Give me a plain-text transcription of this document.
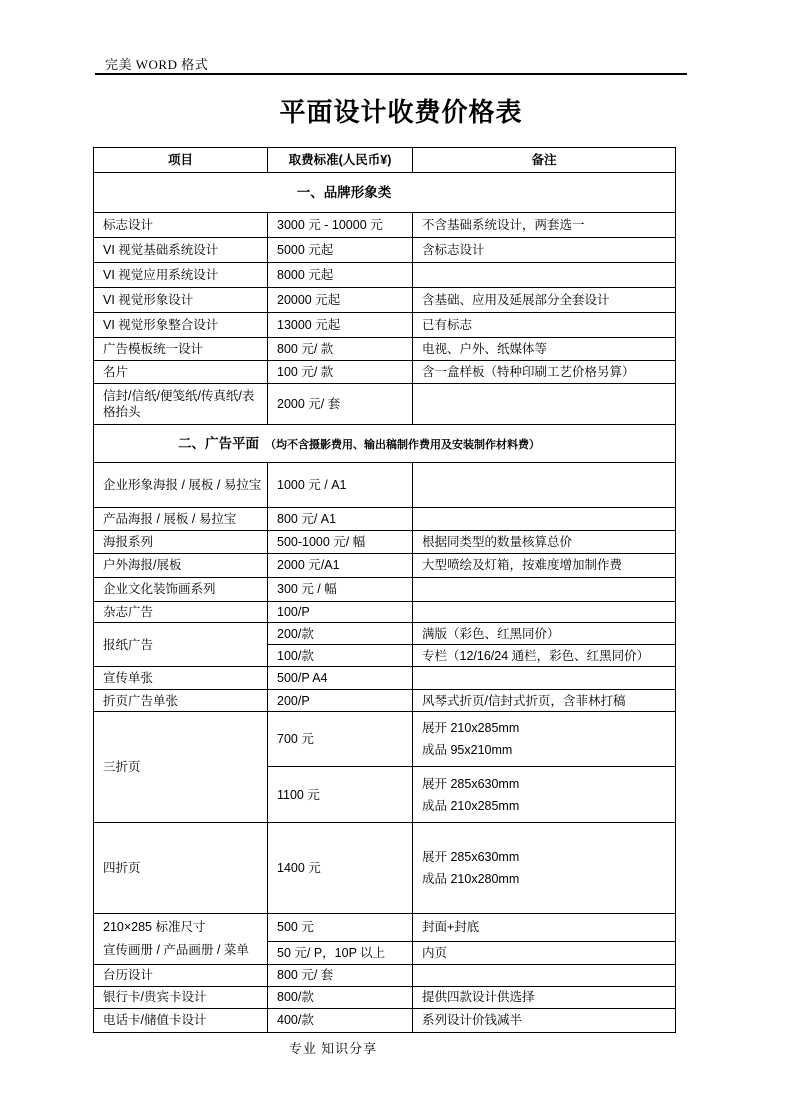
完美 WORD 格式
平面设计收费价格表
项目	取费标准(人民币¥)	备注
一、品牌形象类		
标志设计	3000 元 - 10000 元	不含基础系统设计，两套选一
VI 视觉基础系统设计	5000 元起	含标志设计
VI 视觉应用系统设计	8000 元起	
VI 视觉形象设计	20000 元起	含基础、应用及延展部分全套设计
VI 视觉形象整合设计	13000 元起	已有标志
广告模板统一设计	800 元/ 款	电视、户外、纸媒体等
名片	100 元/ 款	含一盒样板（特种印刷工艺价格另算）
信封/信纸/便笺纸/传真纸/表格抬头	2000 元/ 套	
二、广告平面 （均不含摄影费用、输出稿制作费用及安装制作材料费）		
企业形象海报 / 展板 / 易拉宝	1000 元 / A1	
产品海报 / 展板 / 易拉宝	800 元/ A1	
海报系列	500-1000 元/ 幅	根据同类型的数量核算总价
户外海报/展板	2000 元/A1	大型喷绘及灯箱，按难度增加制作费
企业文化装饰画系列	300 元 / 幅	
杂志广告	100/P	
报纸广告	200/款	满版（彩色、红黑同价）
	100/款	专栏（12/16/24 通栏，彩色、红黑同价）
宣传单张	500/P A4	
折页广告单张	200/P	风琴式折页/信封式折页，含菲林打稿
三折页	700 元	展开 210x285mm
成品 95x210mm

	1100 元	展开 285x630mm
成品 210x285mm

四折页	1400 元	展开 285x630mm
成品 210x280mm

210×285 标准尺寸
宣传画册 / 产品画册 / 菜单	500 元	封面+封底
	50 元/ P，10P 以上	内页
台历设计	800 元/ 套	
银行卡/贵宾卡设计	800/款	提供四款设计供选择
电话卡/储值卡设计	400/款	系列设计价钱减半
专业 知识分享
